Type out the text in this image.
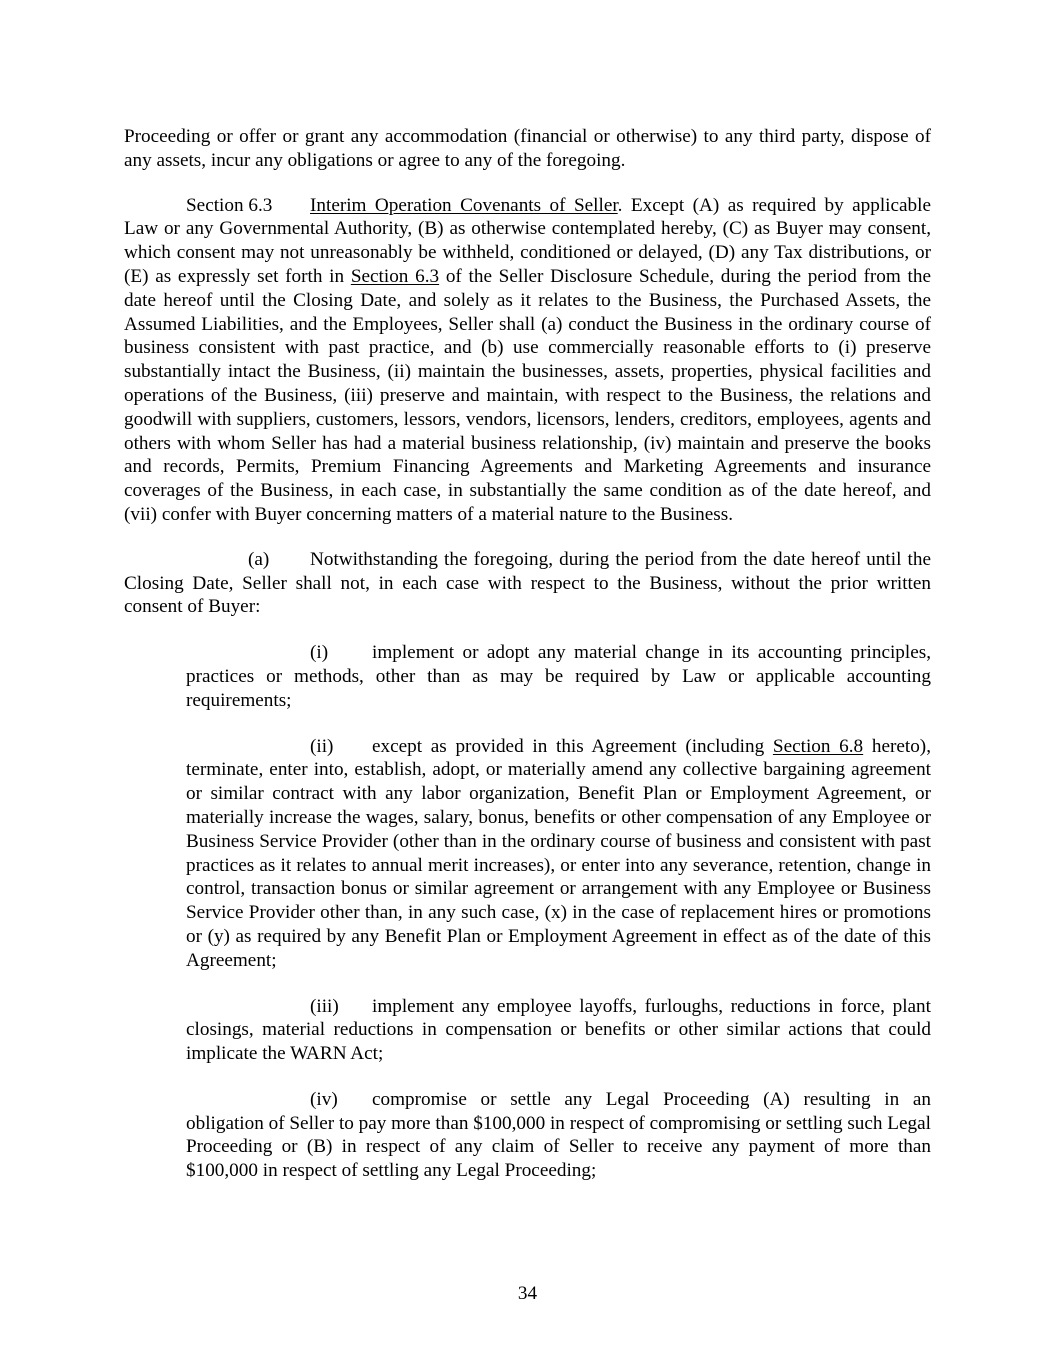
Proceeding or offer or grant any accommodation (financial or otherwise) to any third party, dispose of any assets, incur any obligations or agree to any of the foregoing.

Section 6.3 Interim Operation Covenants of Seller. Except (A) as required by applicable Law or any Governmental Authority, (B) as otherwise contemplated hereby, (C) as Buyer may consent, which consent may not unreasonably be withheld, conditioned or delayed, (D) any Tax distributions, or (E) as expressly set forth in Section 6.3 of the Seller Disclosure Schedule, during the period from the date hereof until the Closing Date, and solely as it relates to the Business, the Purchased Assets, the Assumed Liabilities, and the Employees, Seller shall (a) conduct the Business in the ordinary course of business consistent with past practice, and (b) use commercially reasonable efforts to (i) preserve substantially intact the Business, (ii) maintain the businesses, assets, properties, physical facilities and operations of the Business, (iii) preserve and maintain, with respect to the Business, the relations and goodwill with suppliers, customers, lessors, vendors, licensors, lenders, creditors, employees, agents and others with whom Seller has had a material business relationship, (iv) maintain and preserve the books and records, Permits, Premium Financing Agreements and Marketing Agreements and insurance coverages of the Business, in each case, in substantially the same condition as of the date hereof, and (vii) confer with Buyer concerning matters of a material nature to the Business.

(a) Notwithstanding the foregoing, during the period from the date hereof until the Closing Date, Seller shall not, in each case with respect to the Business, without the prior written consent of Buyer:

(i) implement or adopt any material change in its accounting principles, practices or methods, other than as may be required by Law or applicable accounting requirements;

(ii) except as provided in this Agreement (including Section 6.8 hereto), terminate, enter into, establish, adopt, or materially amend any collective bargaining agreement or similar contract with any labor organization, Benefit Plan or Employment Agreement, or materially increase the wages, salary, bonus, benefits or other compensation of any Employee or Business Service Provider (other than in the ordinary course of business and consistent with past practices as it relates to annual merit increases), or enter into any severance, retention, change in control, transaction bonus or similar agreement or arrangement with any Employee or Business Service Provider other than, in any such case, (x) in the case of replacement hires or promotions or (y) as required by any Benefit Plan or Employment Agreement in effect as of the date of this Agreement;

(iii) implement any employee layoffs, furloughs, reductions in force, plant closings, material reductions in compensation or benefits or other similar actions that could implicate the WARN Act;

(iv) compromise or settle any Legal Proceeding (A) resulting in an obligation of Seller to pay more than $100,000 in respect of compromising or settling such Legal Proceeding or (B) in respect of any claim of Seller to receive any payment of more than $100,000 in respect of settling any Legal Proceeding;

34
